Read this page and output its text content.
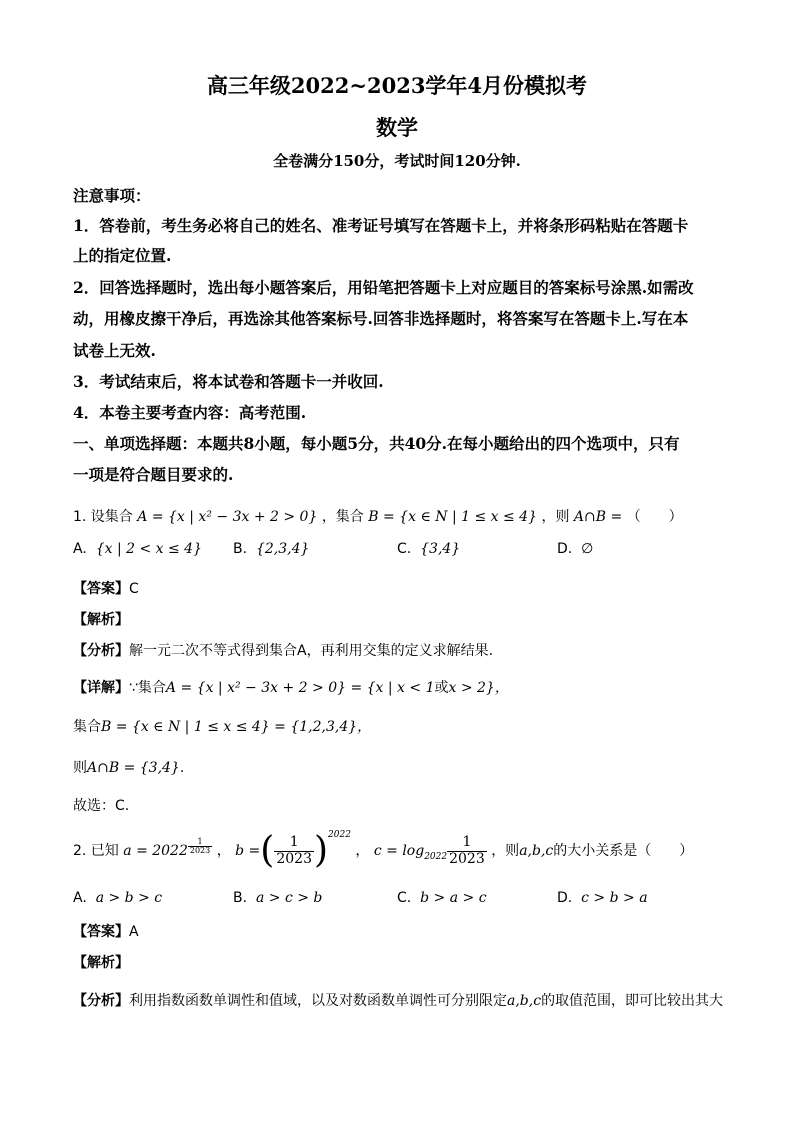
高三年级2022~2023学年4月份模拟考
数学
全卷满分150分，考试时间120分钟.
注意事项：
1．答卷前，考生务必将自己的姓名、准考证号填写在答题卡上，并将条形码粘贴在答题卡
上的指定位置.
2．回答选择题时，选出每小题答案后，用铅笔把答题卡上对应题目的答案标号涂黑.如需改
动，用橡皮擦干净后，再选涂其他答案标号.回答非选择题时，将答案写在答题卡上.写在本
试卷上无效.
3．考试结束后，将本试卷和答题卡一并收回.
4．本卷主要考查内容：高考范围.
一、单项选择题：本题共8小题，每小题5分，共40分.在每小题给出的四个选项中，只有
一项是符合题目要求的.
1. 设集合 A = {x | x² − 3x + 2 > 0} ，集合 B = {x ∈ N | 1 ≤ x ≤ 4} ，则 A∩B = （　　）
A. {x | 2 < x ≤ 4} B. {2,3,4}	C. {3,4}	D. ∅
【答案】C
【解析】
【分析】解一元二次不等式得到集合A，再利用交集的定义求解结果.
【详解】∵集合A = {x | x² − 3x + 2 > 0} = {x | x < 1或x > 2}，
集合B = {x ∈ N | 1 ≤ x ≤ 4} = {1,2,3,4}，
则A∩B = {3,4}.
故选：C.
2. 已知 a = 2022 $^{\frac{1}{2023}}$ ， b =( $\frac{1}{2023} )^{2022}$ ， $c = \log_{2022} \frac{1}{2023}$ ，则a,b,c的大小关系是（　　）
A. a > b > c	B. a > c > b	C. b > a > c	D. c > b > a
【答案】A
【解析】
【分析】利用指数函数单调性和值域，以及对数函数单调性可分别限定a,b,c的取值范围，即可比较出其大
